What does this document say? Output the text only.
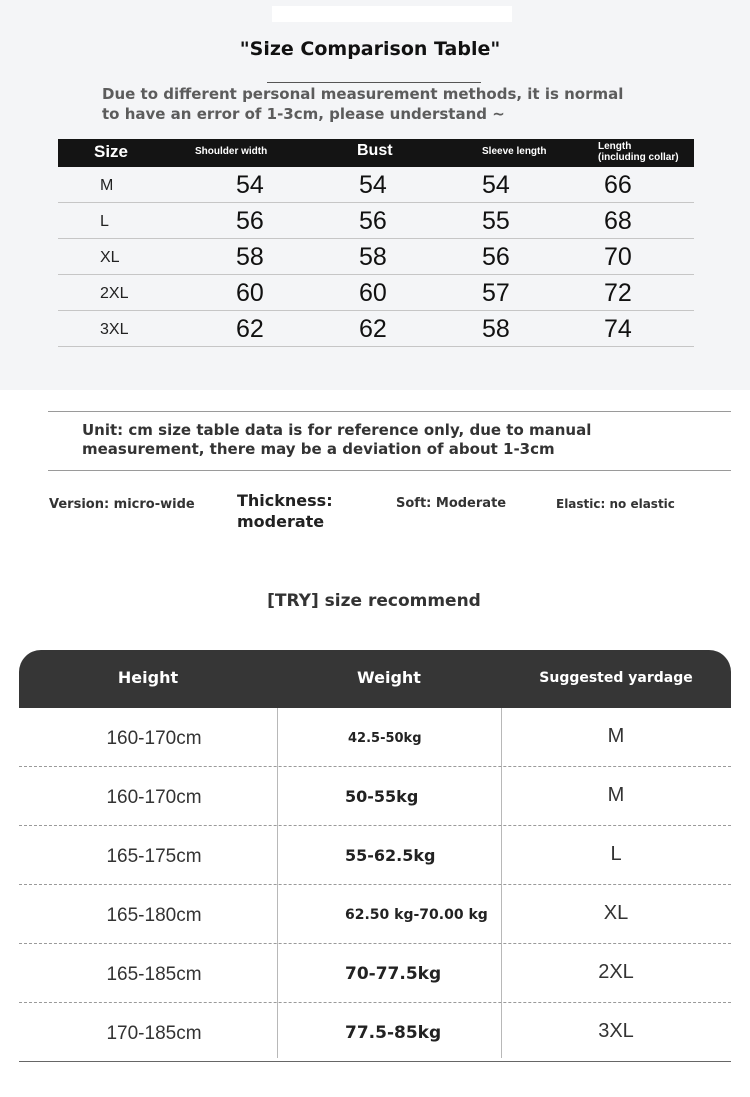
"Size Comparison Table"
Due to different personal measurement methods, it is normal to have an error of 1-3cm, please understand ~
Size	Shoulder width	Bust	Sleeve length	Length
(including collar)
M	54	54	54	66
L	56	56	55	68
XL	58	58	56	70
2XL	60	60	57	72
3XL	62	62	58	74
Unit: cm size table data is for reference only, due to manual measurement, there may be a deviation of about 1-3cm
Version: micro-wide	Thickness:
moderate
Soft: Moderate	Elastic: no elastic
[TRY] size recommend
Height	Weight	Suggested yardage
160-170cm	42.5-50kg	M
160-170cm	50-55kg	M
165-175cm	55-62.5kg	L
165-180cm	62.50 kg-70.00 kg	XL
165-185cm	70-77.5kg	2XL
170-185cm	77.5-85kg	3XL
